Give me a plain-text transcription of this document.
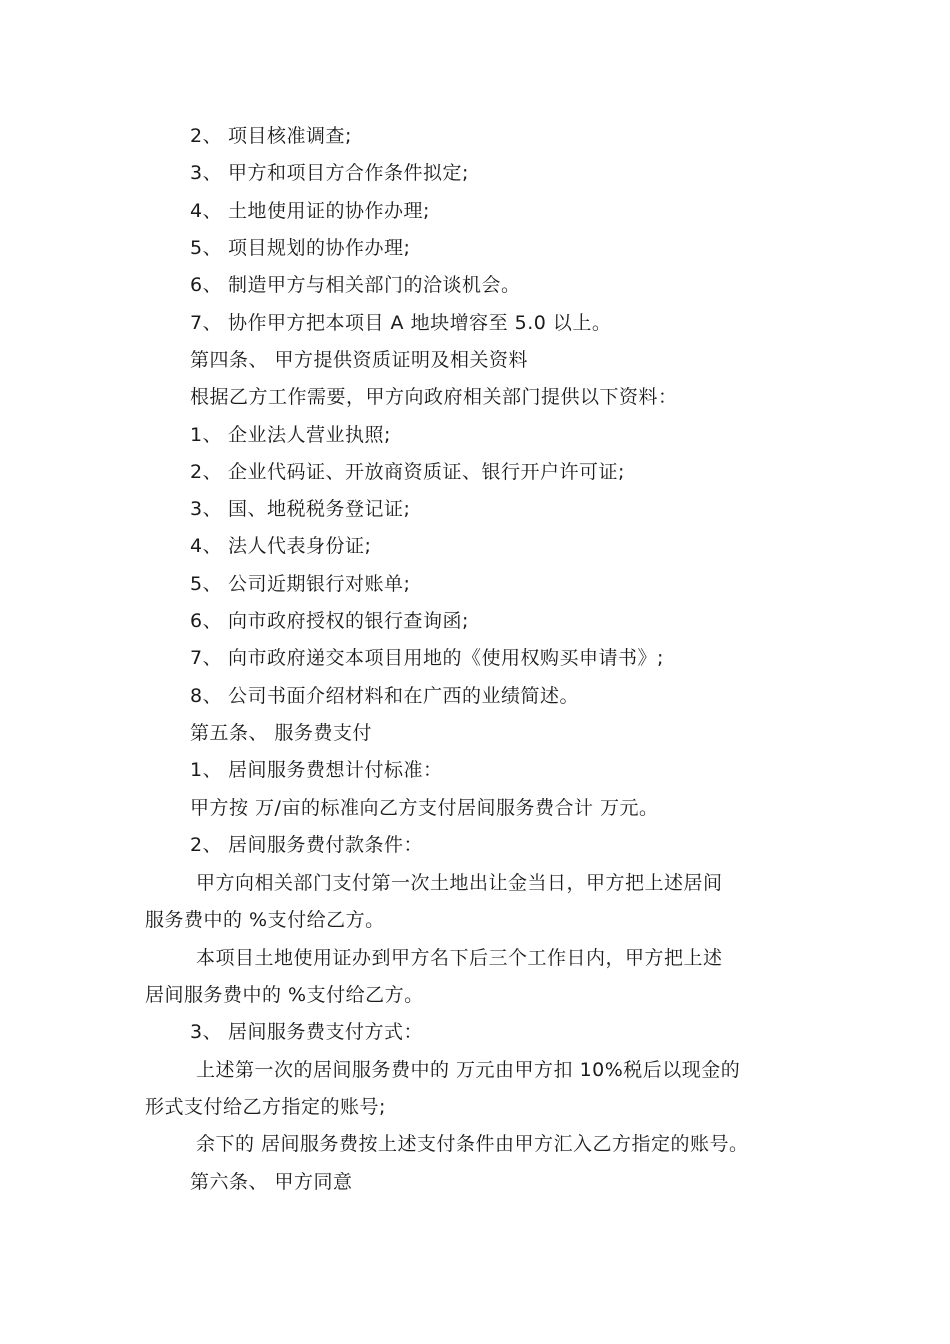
2、 项目核准调查;
3、 甲方和项目方合作条件拟定;
4、 土地使用证的协作办理;
5、 项目规划的协作办理;
6、 制造甲方与相关部门的洽谈机会。
7、 协作甲方把本项目 A 地块增容至 5.0 以上。
第四条、 甲方提供资质证明及相关资料
根据乙方工作需要，甲方向政府相关部门提供以下资料：
1、 企业法人营业执照;
2、 企业代码证、开放商资质证、银行开户许可证;
3、 国、地税税务登记证;
4、 法人代表身份证;
5、 公司近期银行对账单;
6、 向市政府授权的银行查询函;
7、 向市政府递交本项目用地的《使用权购买申请书》;
8、 公司书面介绍材料和在广西的业绩简述。
第五条、 服务费支付
1、 居间服务费想计付标准：
甲方按 万/亩的标准向乙方支付居间服务费合计 万元。
2、 居间服务费付款条件：
甲方向相关部门支付第一次土地出让金当日，甲方把上述居间
服务费中的 %支付给乙方。
本项目土地使用证办到甲方名下后三个工作日内，甲方把上述
居间服务费中的 %支付给乙方。
3、 居间服务费支付方式：
上述第一次的居间服务费中的 万元由甲方扣 10%税后以现金的
形式支付给乙方指定的账号;
余下的 居间服务费按上述支付条件由甲方汇入乙方指定的账号。
第六条、 甲方同意
